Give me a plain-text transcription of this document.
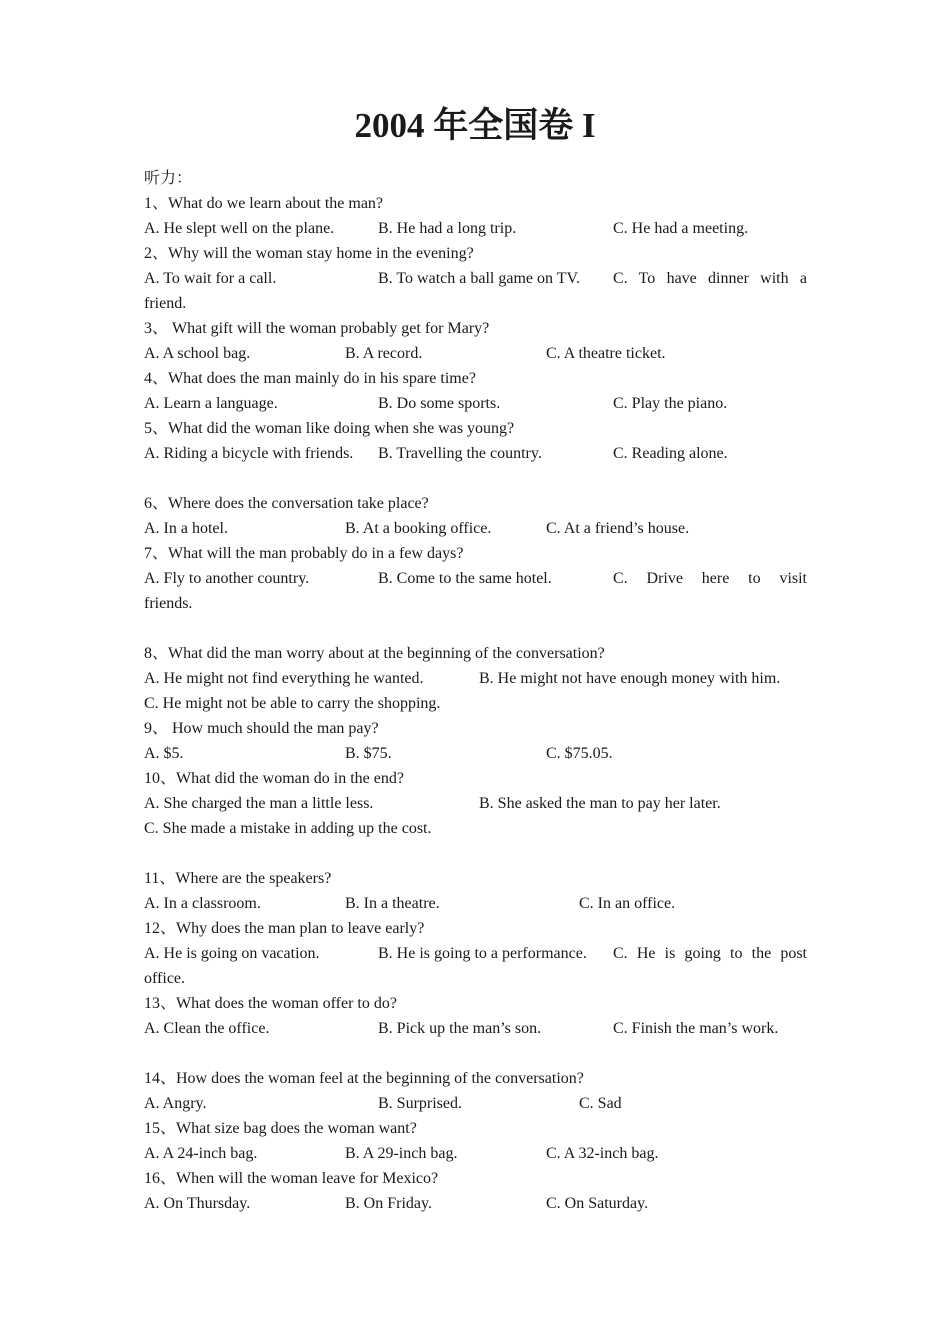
2004 年全国卷 I
听力：
1、What do we learn about the man?
A. He slept well on the plane.	B. He had a long trip.	C. He had a meeting.
2、Why will the woman stay home in the evening?
A. To wait for a call.	B. To watch a ball game on TV. C. To have dinner with a
friend.
3、 What gift will the woman probably get for Mary?
A. A school bag.	B. A record.	C. A theatre ticket.
4、What does the man mainly do in his spare time?
A. Learn a language.	B. Do some sports.	C. Play the piano.
5、What did the woman like doing when she was young?
A. Riding a bicycle with friends. B. Travelling the country.	C. Reading alone.
6、Where does the conversation take place?
A. In a hotel.	B. At a booking office.	C. At a friend’s house.
7、What will the man probably do in a few days?
A. Fly to another country.	B. Come to the same hotel.	C. Drive here to visit
friends.
8、What did the man worry about at the beginning of the conversation?
A. He might not find everything he wanted.	B. He might not have enough money with him.
C. He might not be able to carry the shopping.
9、 How much should the man pay?
A. $5.	B. $75.	C. $75.05.
10、What did the woman do in the end?
A. She charged the man a little less.	B. She asked the man to pay her later.
C. She made a mistake in adding up the cost.
11、Where are the speakers?
A. In a classroom.	B. In a theatre.	C. In an office.
12、Why does the man plan to leave early?
A. He is going on vacation.	B. He is going to a performance. C. He is going to the post
office.
13、What does the woman offer to do?
A. Clean the office.	B. Pick up the man’s son.	C. Finish the man’s work.
14、How does the woman feel at the beginning of the conversation?
A. Angry.	B. Surprised.	C. Sad
15、What size bag does the woman want?
A. A 24-inch bag.	B. A 29-inch bag.	C. A 32-inch bag.
16、When will the woman leave for Mexico?
A. On Thursday.	B. On Friday.	C. On Saturday.
